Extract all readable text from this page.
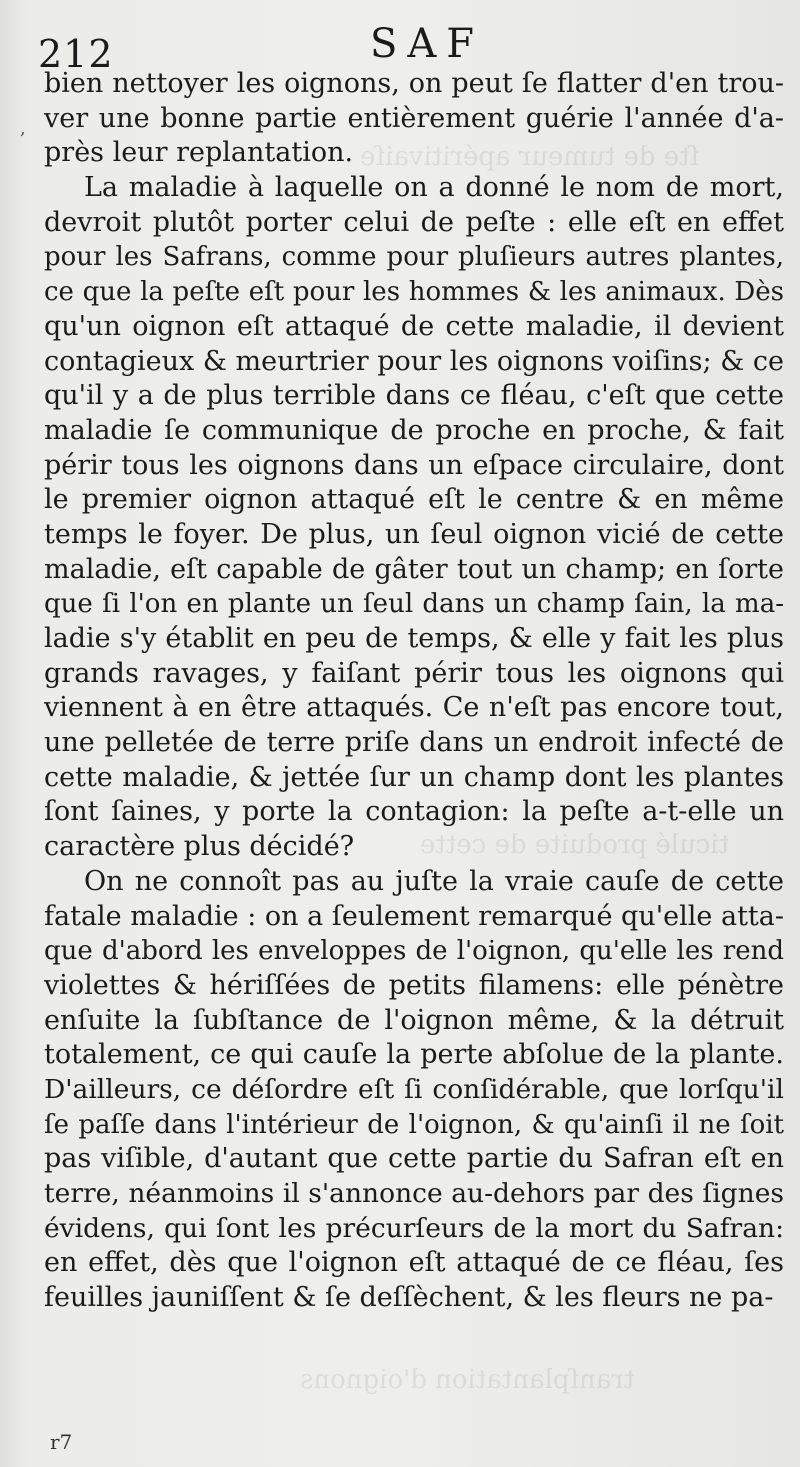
ſte de tumeur apéritivaiſe
ticulé produite de cette
tranſplantation d'oignons
212	SAF
,
r7
bien nettoyer les oignons, on peut ſe flatter d'en trou-
ver une bonne partie entièrement guérie l'année d'a-
près leur replantation.
La maladie à laquelle on a donné le nom de mort,
devroit plutôt porter celui de peſte : elle eſt en effet
pour les Safrans, comme pour pluſieurs autres plantes,
ce que la peſte eſt pour les hommes & les animaux. Dès
qu'un oignon eſt attaqué de cette maladie, il devient
contagieux & meurtrier pour les oignons voiſins; & ce
qu'il y a de plus terrible dans ce fléau, c'eſt que cette
maladie ſe communique de proche en proche, & fait
périr tous les oignons dans un eſpace circulaire, dont
le premier oignon attaqué eſt le centre & en même
temps le foyer. De plus, un ſeul oignon vicié de cette
maladie, eſt capable de gâter tout un champ; en ſorte
que ſi l'on en plante un ſeul dans un champ ſain, la ma-
ladie s'y établit en peu de temps, & elle y fait les plus
grands ravages, y faiſant périr tous les oignons qui
viennent à en être attaqués. Ce n'eſt pas encore tout,
une pelletée de terre priſe dans un endroit infecté de
cette maladie, & jettée ſur un champ dont les plantes
ſont ſaines, y porte la contagion: la peſte a-t-elle un
caractère plus décidé?
On ne connoît pas au juſte la vraie cauſe de cette
fatale maladie : on a ſeulement remarqué qu'elle atta-
que d'abord les enveloppes de l'oignon, qu'elle les rend
violettes & hériſſées de petits filamens: elle pénètre
enſuite la ſubſtance de l'oignon même, & la détruit
totalement, ce qui cauſe la perte abſolue de la plante.
D'ailleurs, ce déſordre eſt ſi conſidérable, que lorſqu'il
ſe paſſe dans l'intérieur de l'oignon, & qu'ainſi il ne ſoit
pas viſible, d'autant que cette partie du Safran eſt en
terre, néanmoins il s'annonce au-dehors par des ſignes
évidens, qui ſont les précurſeurs de la mort du Safran:
en effet, dès que l'oignon eſt attaqué de ce fléau, ſes
feuilles jauniſſent & ſe deſſèchent, & les fleurs ne pa-
